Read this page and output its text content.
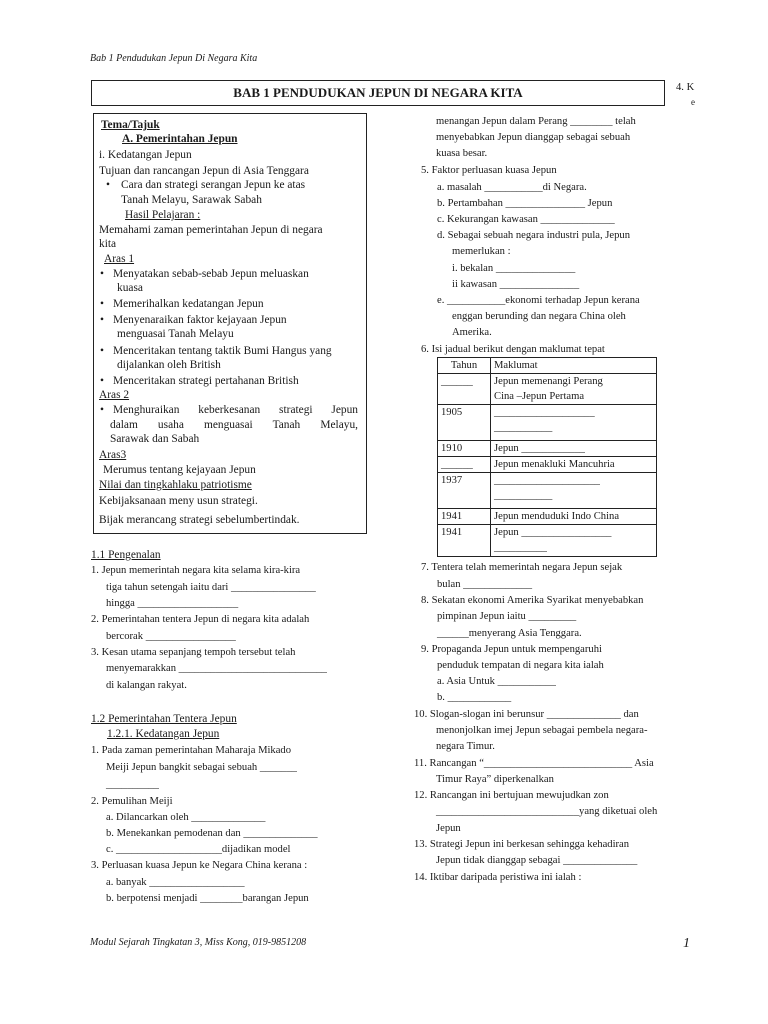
Bab 1 Pendudukan Jepun Di Negara Kita
BAB 1 PENDUDUKAN JEPUN DI NEGARA KITA	4. K
e
Tema/Tajuk
A. Pemerintahan Jepun
i. Kedatangan Jepun
Tujuan dan rancangan Jepun di Asia Tenggara
• Cara dan strategi serangan Jepun ke atas
Tanah Melayu, Sarawak Sabah
Hasil Pelajaran :
Memahami zaman pemerintahan Jepun di negara
kita
Aras 1
• Menyatakan sebab-sebab Jepun meluaskan
kuasa
• Memerihalkan kedatangan Jepun
• Menyenaraikan faktor kejayaan Jepun
menguasai Tanah Melayu
• Menceritakan tentang taktik Bumi Hangus yang
dijalankan oleh British
• Menceritakan strategi pertahanan British
Aras 2
• Menghuraikan keberkesanan strategi Jepun
dalam usaha menguasai Tanah Melayu,
Sarawak dan Sabah
Aras3
Merumus tentang kejayaan Jepun
Nilai dan tingkahlaku patriotisme
Kebijaksanaan meny usun strategi.
Bijak merancang strategi sebelumbertindak.
1.1 Pengenalan
1. Jepun memerintah negara kita selama kira-kira
tiga tahun setengah iaitu dari ________________
hingga ___________________
2. Pemerintahan tentera Jepun di negara kita adalah
bercorak _________________
3. Kesan utama sepanjang tempoh tersebut telah
menyemarakkan ____________________________
di kalangan rakyat.
1.2 Pemerintahan Tentera Jepun
1.2.1. Kedatangan Jepun
1. Pada zaman pemerintahan Maharaja Mikado
Meiji Jepun bangkit sebagai sebuah _______
__________
2. Pemulihan Meiji
a. Dilancarkan oleh ______________
b. Menekankan pemodenan dan ______________
c. ____________________dijadikan model
3. Perluasan kuasa Jepun ke Negara China kerana :
a. banyak __________________
b. berpotensi menjadi ________barangan Jepun
menangan Jepun dalam Perang ________ telah
menyebabkan Jepun dianggap sebagai sebuah
kuasa besar.
5. Faktor perluasan kuasa Jepun
a. masalah ___________di Negara.
b. Pertambahan _______________ Jepun
c. Kekurangan kawasan ______________
d. Sebagai sebuah negara industri pula, Jepun
memerlukan :
i. bekalan _______________
ii kawasan _______________
e. ___________ekonomi terhadap Jepun kerana
enggan berunding dan negara China oleh
Amerika.
6. Isi jadual berikut dengan maklumat tepat
Tahun	Maklumat
______	Jepun memenangi Perang
Cina –Jepun Pertama
1905	___________________
___________
1910	Jepun ____________
______	Jepun menakluki Mancuhria
1937	____________________
___________
1941	Jepun menduduki Indo China
1941	Jepun _________________
__________
7. Tentera telah memerintah negara Jepun sejak
bulan _____________
8. Sekatan ekonomi Amerika Syarikat menyebabkan
pimpinan Jepun iaitu _________
______menyerang Asia Tenggara.
9. Propaganda Jepun untuk mempengaruhi
penduduk tempatan di negara kita ialah
a. Asia Untuk ___________
b. ____________
10. Slogan-slogan ini berunsur ______________ dan
menonjolkan imej Jepun sebagai pembela negara-
negara Timur.
11. Rancangan “____________________________ Asia
Timur Raya” diperkenalkan
12. Rancangan ini bertujuan mewujudkan zon
___________________________yang diketuai oleh
Jepun
13. Strategi Jepun ini berkesan sehingga kehadiran
Jepun tidak dianggap sebagai ______________
14. Iktibar daripada peristiwa ini ialah :
Modul Sejarah Tingkatan 3, Miss Kong, 019-9851208	1
